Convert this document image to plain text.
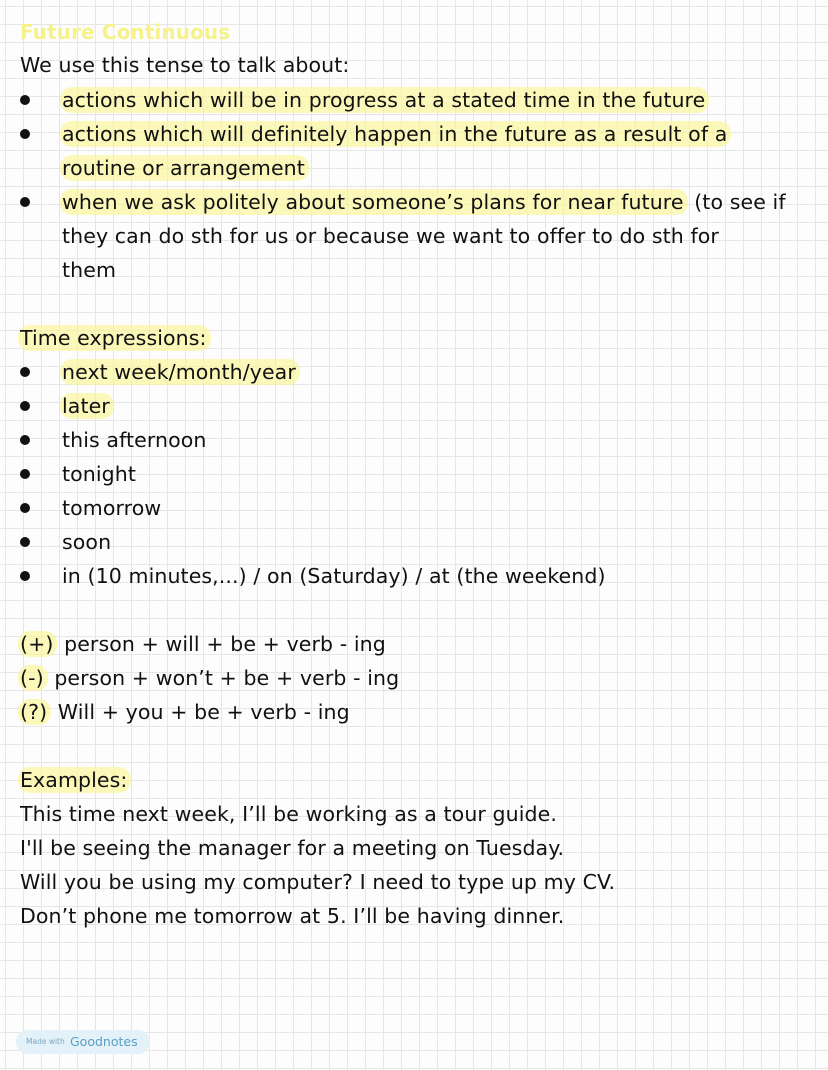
Future Continuous
We use this tense to talk about:
actions which will be in progress at a stated time in the future
actions which will definitely happen in the future as a result of a
routine or arrangement
when we ask politely about someone’s plans for near future (to see if
they can do sth for us or because we want to offer to do sth for
them
Time expressions:
next week/month/year
later
this afternoon
tonight
tomorrow
soon
in (10 minutes,...) / on (Saturday) / at (the weekend)
(+) person + will + be + verb - ing
(-) person + won’t + be + verb - ing
(?) Will + you + be + verb - ing
Examples:
This time next week, I’ll be working as a tour guide.
I'll be seeing the manager for a meeting on Tuesday.
Will you be using my computer? I need to type up my CV.
Don’t phone me tomorrow at 5. I’ll be having dinner.
Made with Goodnotes
